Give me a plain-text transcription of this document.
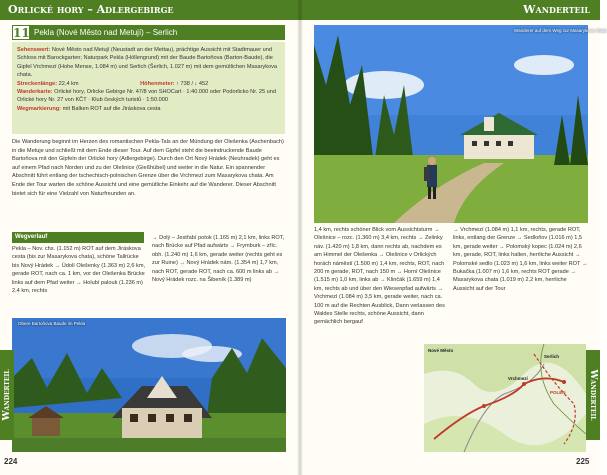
Orlické hory – Adlergebirge
11 Pekla (Nové Město nad Metují) – Serlich

Sehenswert: Nové Město nad Metují (Neustadt an der Mettau), prächtige Aussicht mit Stadtmauer und Schloss mit Barockgarten; Naturpark Pekla (Höllengrund) mit der Baude Bartoňova (Barton-Baude), die Gipfel Vrchmezí (Hohe Mense, 1.084 m) und Serlich (Šerlich, 1.027 m) mit dem gemütlichen Masarykova chata.

Streckenlänge: 22,4 km	Höhenmeter: ↑ 738 / ↓ 452

Wanderkarte: Orlické hory, Orlicke Gebirge Nr. 47/8 von SHOCart · 1:40.000 oder Podorlicko Nr. 25 und Orlické hory Nr. 27 von KČT · Klub českých turistů · 1:50.000

Wegmarkierung: mit Balken ROT auf die Jiráskova cesta

Die Wanderung beginnt im Herzen des romantischen Pekla-Tals an der Mündung der Olešenka (Aschenbach) in die Metuje und schließt mit dem Ende dieser Tour. Auf dem Gipfel steht die beeindruckende Baude Bartoňova mit den Gipfeln der Orlické hory (Adlergebirge). Durch den Ort Nový Hrádek (Neuhradek) geht es auf einem Pfad nach Norden und zu der Olešnice (Gießhübel) und weiter in die Natur. Ein spannender Abschnitt führt entlang der tschechisch-polnischen Grenze über die Vrchmezí zum Masarykova chata. Am Ende der Tour warten die schöne Aussicht und eine gemütliche Einkehr auf die Wanderer. Dieser Abschnitt bietet sich für eine Vielzahl von Naturfreunden an.
Wegverlauf
Pekla – Nov. chs. (1.152 m) ROT auf dem Jiráskova cesta (bis zur Masarykova chata), schöne Tallrücke bis Nový Hrádek → Údolí Olešenky (1.363 m) 2,6 km, gerade ROT, nach ca. 1 km, vor der Olešenka Brücke links auf dem Pfad weiter → Holubí palouk (1.236 m) 2,4 km, rechts
→ Dolý – Jestřabí potok (1.165 m) 2,1 km, links ROT, nach Brücke auf Pfad aufwärts → Frymburk – zříc. obh. (1.240 m) 1,6 km, gerade weiter (rechts geht es zur Ruine) → Nový Hrádek nám. (1.354 m) 1,7 km, nach ROT, gerade ROT, nach ca. 600 m links ab → Nový Hrádek rozc. na Šibeník (1.389 m)
Obere Bartoňova Baude im Pekla
Wanderteil
224
Wanderteil
Wanderer auf dem Weg zur Masarykova chata
1,4 km, rechts schöner Blick vom Aussichtsturm → Olešnice – rozc. (1.360 m) 3,4 km, rechts → Zelinky náv. (1.420 m) 1,8 km, dann rechts ab, nachdem es am Himmel der Olešenka → Olešnice v Orlických horách náměstí (1.500 m) 1,4 km, rechts, ROT, nach 200 m gerade, ROT, nach 150 m → Horní Olešnice (1.515 m) 1,0 km, links ab → Klinčák (1.659 m) 1,4 km, rechts ab und über den Wiesenpfad aufwärts → Vrchmezí (1.084 m) 3,5 km, gerade weiter, nach ca. 100 m auf die Rechten Ausblick, Dann verlassen des Waldes Stelle rechts, schöne Aussicht, dann gemächlich bergauf
→ Vrchmezí (1.084 m) 1,1 km, rechts, gerade ROT, links, entlang der Grenze → Sedloňov (1.016 m) 1,5 km, gerade weiter → Polomský kopec (1.024 m) 2,6 km, gerade, ROT, links halten, herrliche Aussicht → Polomské sedlo (1.023 m) 1,6 km, links weiter ROT → Bukačka (1.007 m) 1,6 km, rechts ROT gerade → Masarykova chata (1.019 m) 2,2 km, herrliche Aussicht auf der Tour
Nové Město
POLEN
Vrchmezí
Serlich
Wanderteil
225
